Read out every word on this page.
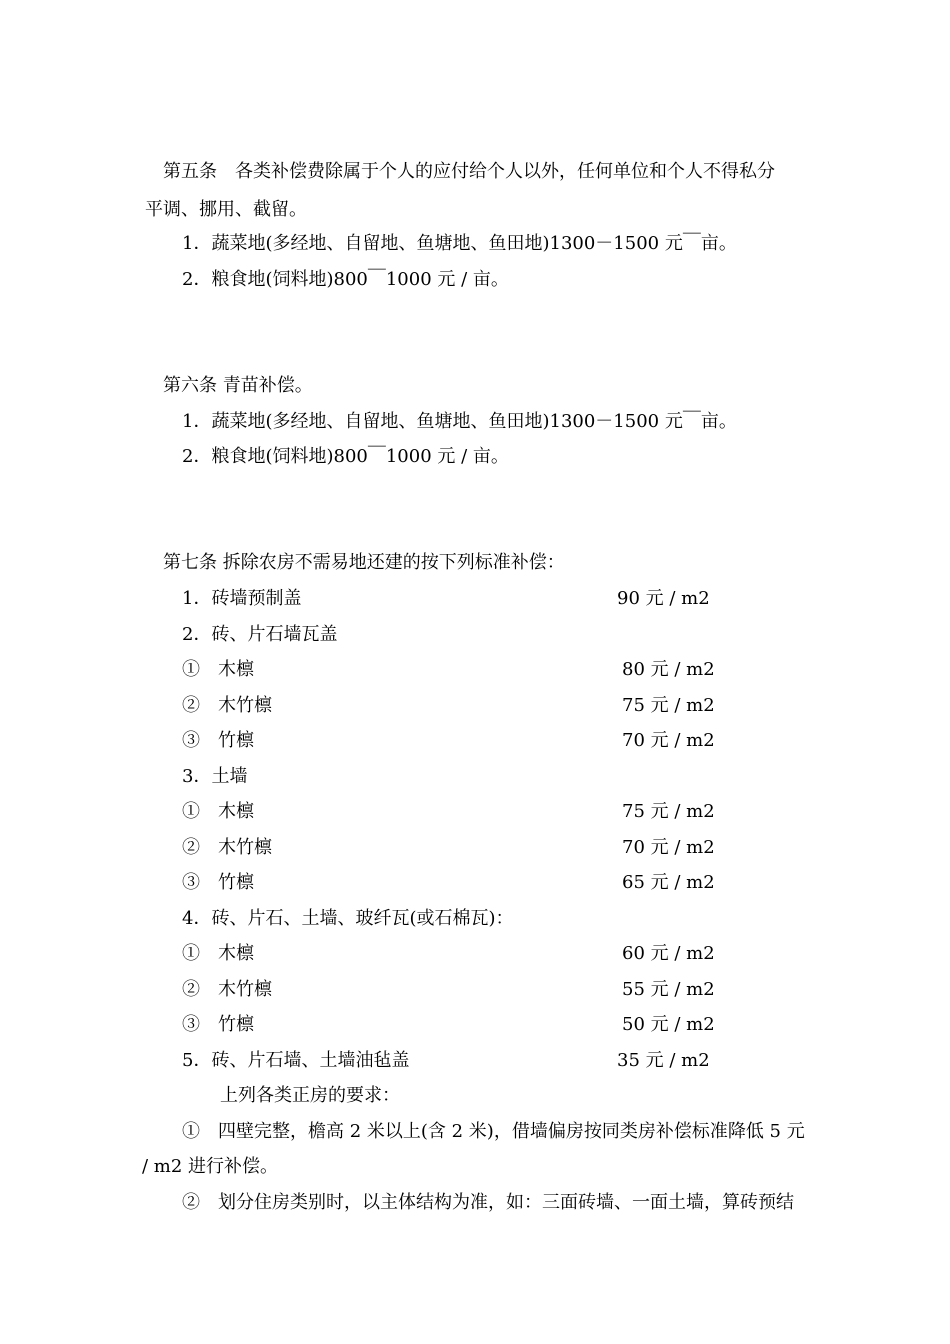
第五条　各类补偿费除属于个人的应付给个人以外，任何单位和个人不得私分
平调、挪用、截留。
1．蔬菜地(多经地、自留地、鱼塘地、鱼田地)1300－1500 元￣亩。
2．粮食地(饲料地)800￣1000 元 / 亩。
第六条 青苗补偿。
1．蔬菜地(多经地、自留地、鱼塘地、鱼田地)1300－1500 元￣亩。
2．粮食地(饲料地)800￣1000 元 / 亩。
第七条 拆除农房不需易地还建的按下列标准补偿：
1．砖墙预制盖	90 元 / m2
2．砖、片石墙瓦盖
①　木檩	80 元 / m2
②　木竹檩	75 元 / m2
③　竹檩	70 元 / m2
3．土墙
①　木檩	75 元 / m2
②　木竹檩	70 元 / m2
③　竹檩	65 元 / m2
4．砖、片石、土墙、玻纤瓦(或石棉瓦)：
①　木檩	60 元 / m2
②　木竹檩	55 元 / m2
③　竹檩	50 元 / m2
5．砖、片石墙、土墙油毡盖	35 元 / m2
上列各类正房的要求：
①　四壁完整，檐高 2 米以上(含 2 米)，借墙偏房按同类房补偿标准降低 5 元
/ m2 进行补偿。
②　划分住房类别时，以主体结构为准，如：三面砖墙、一面土墙，算砖预结
